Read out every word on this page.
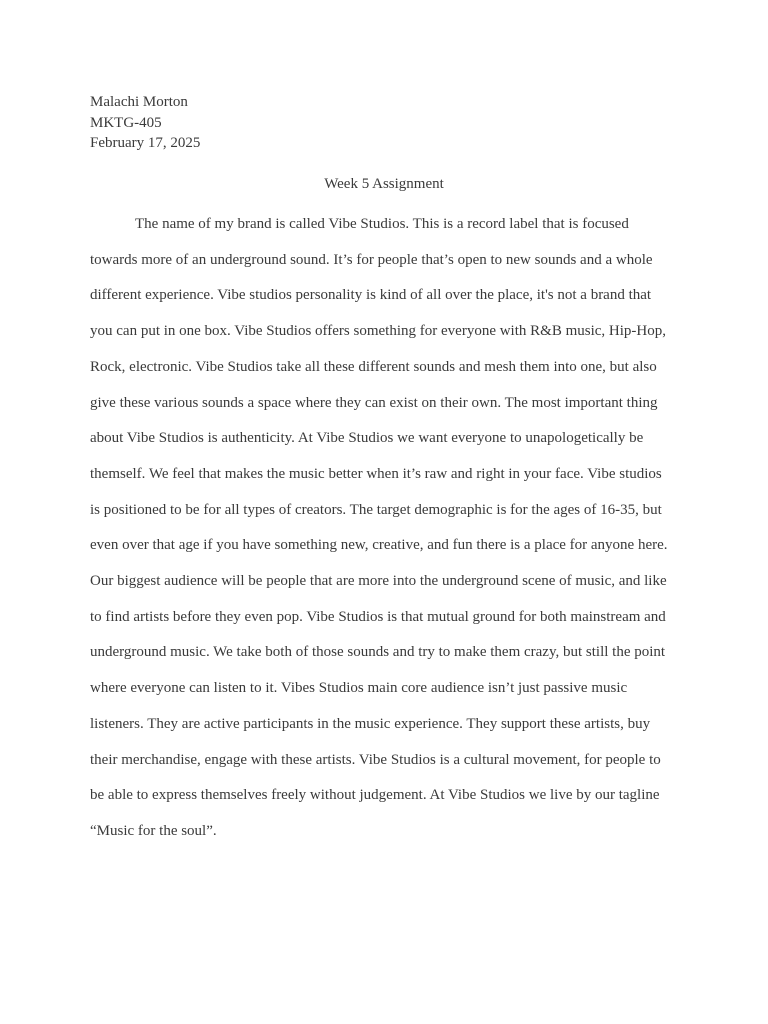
Malachi Morton
MKTG-405
February 17, 2025
Week 5 Assignment
The name of my brand is called Vibe Studios. This is a record label that is focused
towards more of an underground sound. It’s for people that’s open to new sounds and a whole
different experience. Vibe studios personality is kind of all over the place, it's not a brand that
you can put in one box. Vibe Studios offers something for everyone with R&B music, Hip-Hop,
Rock, electronic. Vibe Studios take all these different sounds and mesh them into one, but also
give these various sounds a space where they can exist on their own. The most important thing
about Vibe Studios is authenticity. At Vibe Studios we want everyone to unapologetically be
themself. We feel that makes the music better when it’s raw and right in your face. Vibe studios
is positioned to be for all types of creators. The target demographic is for the ages of 16-35, but
even over that age if you have something new, creative, and fun there is a place for anyone here.
Our biggest audience will be people that are more into the underground scene of music, and like
to find artists before they even pop. Vibe Studios is that mutual ground for both mainstream and
underground music. We take both of those sounds and try to make them crazy, but still the point
where everyone can listen to it. Vibes Studios main core audience isn’t just passive music
listeners. They are active participants in the music experience. They support these artists, buy
their merchandise, engage with these artists. Vibe Studios is a cultural movement, for people to
be able to express themselves freely without judgement. At Vibe Studios we live by our tagline
“Music for the soul”.
